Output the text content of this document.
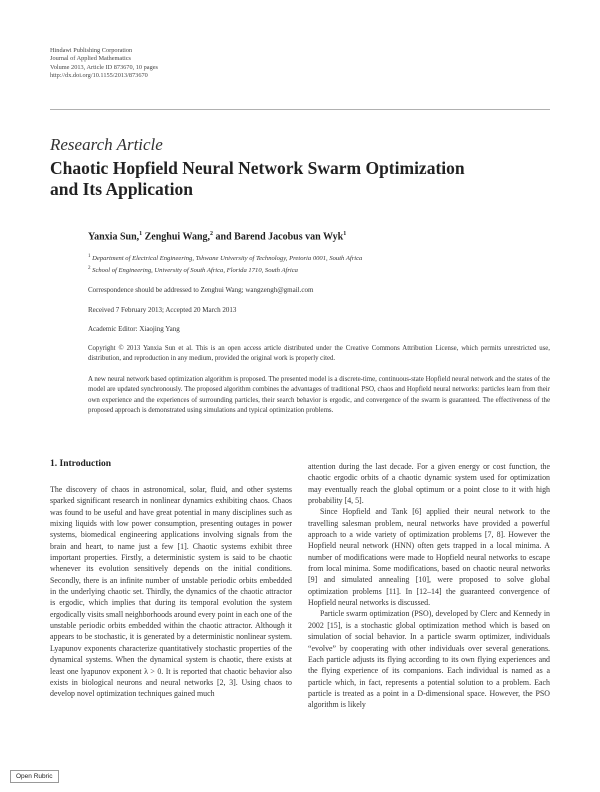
Hindawi Publishing Corporation
Journal of Applied Mathematics
Volume 2013, Article ID 873670, 10 pages
http://dx.doi.org/10.1155/2013/873670
Research Article
Chaotic Hopfield Neural Network Swarm Optimization
and Its Application
Yanxia Sun,$^1$ Zenghui Wang,$^2$ and Barend Jacobus van Wyk$^1$
$^1$ Department of Electrical Engineering, Tshwane University of Technology, Pretoria 0001, South Africa
$^2$ School of Engineering, University of South Africa, Florida 1710, South Africa
Correspondence should be addressed to Zenghui Wang; wangzengh@gmail.com
Received 7 February 2013; Accepted 20 March 2013
Academic Editor: Xiaojing Yang
Copyright © 2013 Yanxia Sun et al. This is an open access article distributed under the Creative Commons Attribution License, which permits unrestricted use, distribution, and reproduction in any medium, provided the original work is properly cited.
A new neural network based optimization algorithm is proposed. The presented model is a discrete-time, continuous-state Hopfield neural network and the states of the model are updated synchronously. The proposed algorithm combines the advantages of traditional PSO, chaos and Hopfield neural networks: particles learn from their own experience and the experiences of surrounding particles, their search behavior is ergodic, and convergence of the swarm is guaranteed. The effectiveness of the proposed approach is demonstrated using simulations and typical optimization problems.
1. Introduction

The discovery of chaos in astronomical, solar, fluid, and other systems sparked significant research in nonlinear dynamics exhibiting chaos. Chaos was found to be useful and have great potential in many disciplines such as mixing liquids with low power consumption, presenting outages in power systems, biomedical engineering applications involving signals from the brain and heart, to name just a few [1]. Chaotic systems exhibit three important properties. Firstly, a deterministic system is said to be chaotic whenever its evolution sensitively depends on the initial conditions. Secondly, there is an infinite number of unstable periodic orbits embedded in the underlying chaotic set. Thirdly, the dynamics of the chaotic attractor is ergodic, which implies that during its temporal evolution the system ergodically visits small neighborhoods around every point in each one of the unstable periodic orbits embedded within the chaotic attractor. Although it appears to be stochastic, it is generated by a deterministic nonlinear system. Lyapunov exponents characterize quantitatively stochastic properties of the dynamical systems. When the dynamical system is chaotic, there exists at least one lyapunov exponent λ > 0. It is reported that chaotic behavior also exists in biological neurons and neural networks [2, 3]. Using chaos to develop novel optimization techniques gained much

attention during the last decade. For a given energy or cost function, the chaotic ergodic orbits of a chaotic dynamic system used for optimization may eventually reach the global optimum or a point close to it with high probability [4, 5].

Since Hopfield and Tank [6] applied their neural network to the travelling salesman problem, neural networks have provided a powerful approach to a wide variety of optimization problems [7, 8]. However the Hopfield neural network (HNN) often gets trapped in a local minima. A number of modifications were made to Hopfield neural networks to escape from local minima. Some modifications, based on chaotic neural networks [9] and simulated annealing [10], were proposed to solve global optimization problems [11]. In [12–14] the guaranteed convergence of Hopfield neural networks is discussed.

Particle swarm optimization (PSO), developed by Clerc and Kennedy in 2002 [15], is a stochastic global optimization method which is based on simulation of social behavior. In a particle swarm optimizer, individuals “evolve” by cooperating with other individuals over several generations. Each particle adjusts its flying according to its own flying experiences and the flying experience of its companions. Each individual is named as a particle which, in fact, represents a potential solution to a problem. Each particle is treated as a point in a D-dimensional space. However, the PSO algorithm is likely

Open Rubric
